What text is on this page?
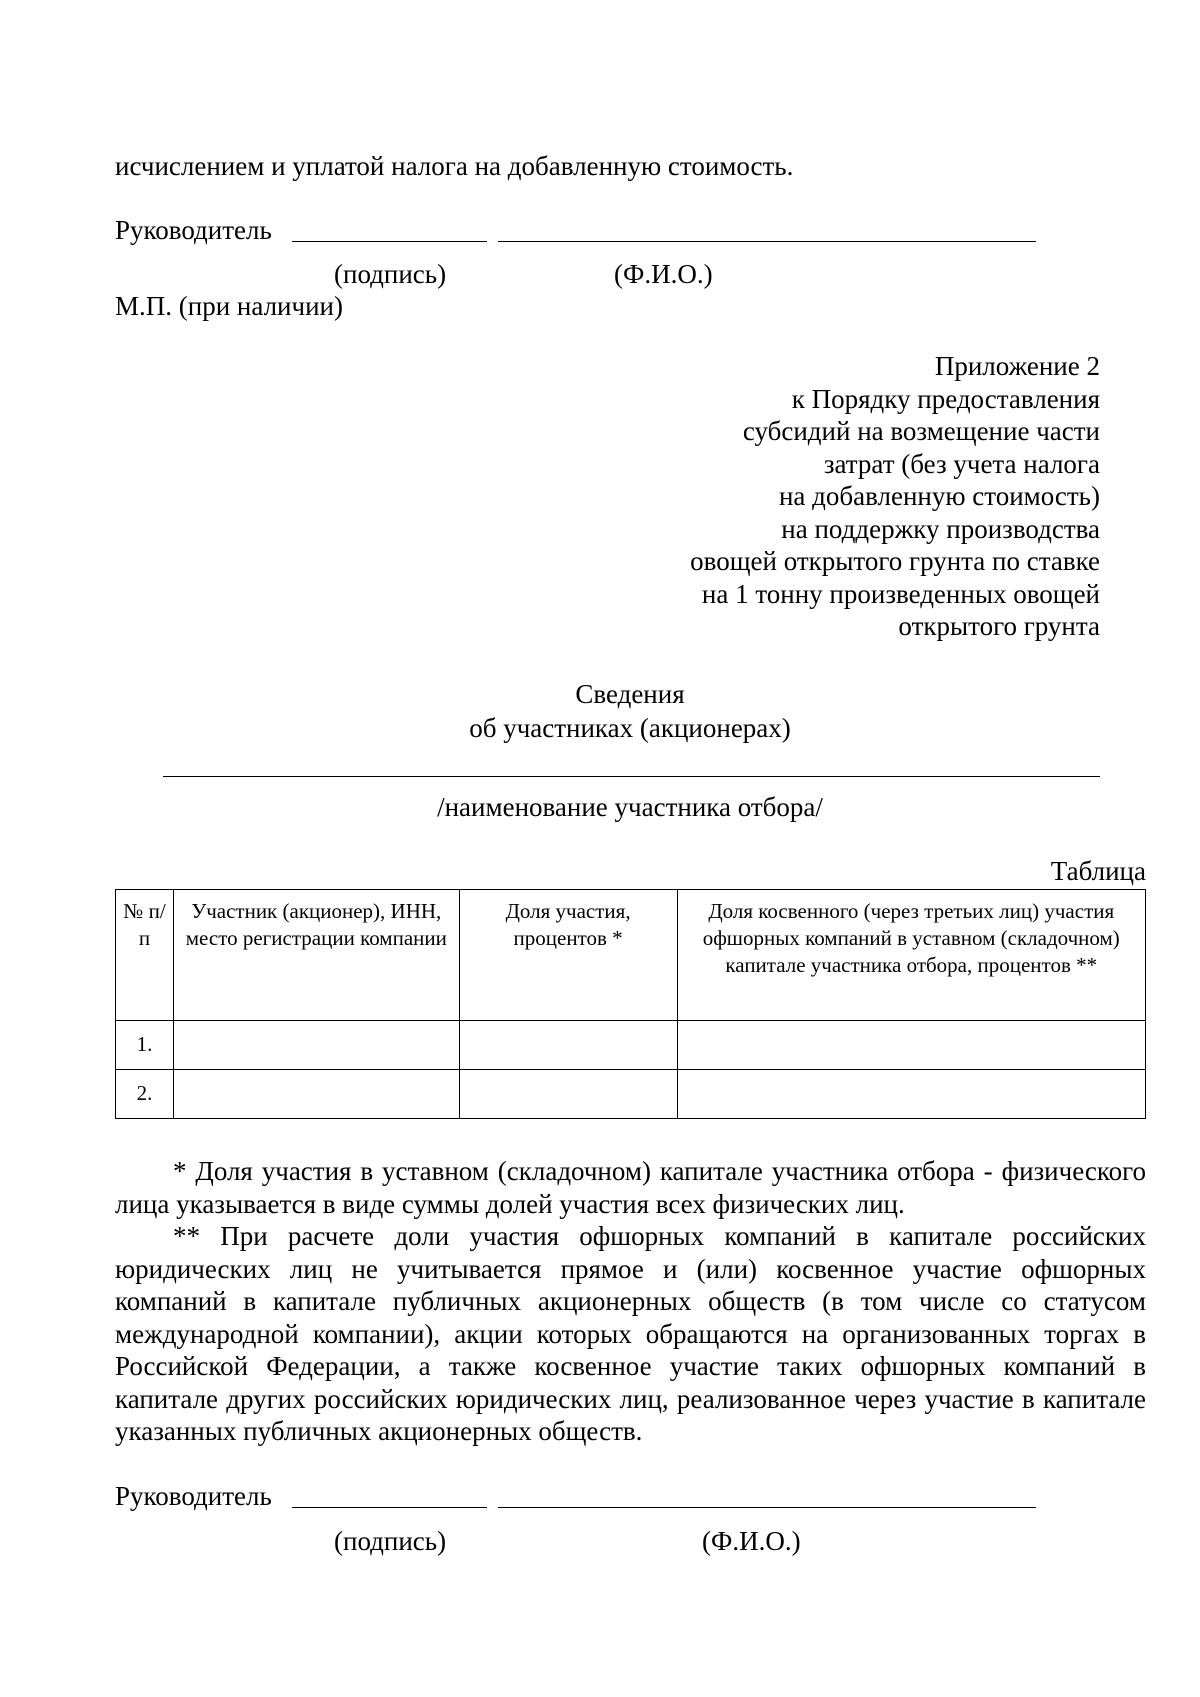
исчислением и уплатой налога на добавленную стоимость.
Руководитель
(подпись)	(Ф.И.О.)
М.П. (при наличии)
Приложение 2
к Порядку предоставления
субсидий на возмещение части
затрат (без учета налога
на добавленную стоимость)
на поддержку производства
овощей открытого грунта по ставке
на 1 тонну произведенных овощей
открытого грунта
Сведения
об участниках (акционерах)
/наименование участника отбора/
Таблица
№ п/п	Участник (акционер), ИНН, место регистрации компании	Доля участия, процентов *	Доля косвенного (через третьих лиц) участия офшорных компаний в уставном (складочном) капитале участника отбора, процентов **
1.			
2.			

* Доля участия в уставном (складочном) капитале участника отбора - физического лица указывается в виде суммы долей участия всех физических лиц.

** При расчете доли участия офшорных компаний в капитале российских юридических лиц не учитывается прямое и (или) косвенное участие офшорных компаний в капитале публичных акционерных обществ (в том числе со статусом международной компании), акции которых обращаются на организованных торгах в Российской Федерации, а также косвенное участие таких офшорных компаний в капитале других российских юридических лиц, реализованное через участие в капитале указанных публичных акционерных обществ.

Руководитель
(подпись)	(Ф.И.О.)
